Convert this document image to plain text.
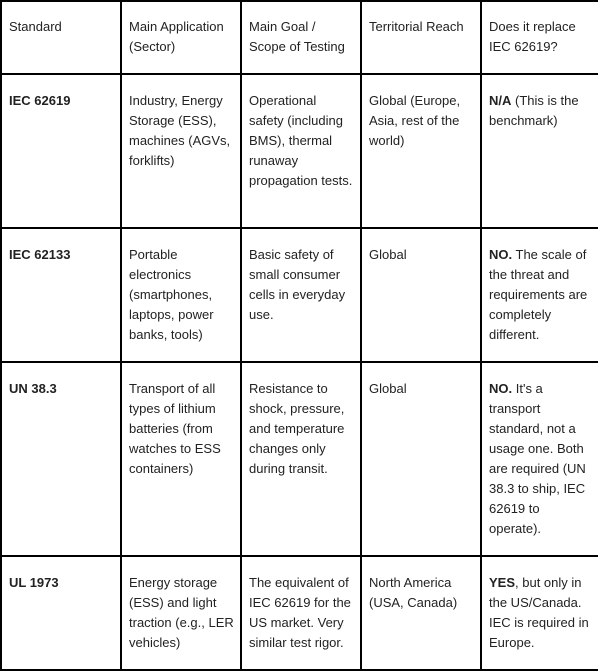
Standard	Main Application (Sector)	Main Goal / Scope of Testing	Territorial Reach	Does it replace IEC 62619?
IEC 62619	Industry, Energy Storage (ESS), machines (AGVs, forklifts)	Operational safety (including BMS), thermal runaway propagation tests.	Global (Europe, Asia, rest of the world)	N/A (This is the benchmark)
IEC 62133	Portable electronics (smartphones, laptops, power banks, tools)	Basic safety of small consumer cells in everyday use.	Global	NO. The scale of the threat and requirements are completely different.
UN 38.3	Transport of all types of lithium batteries (from watches to ESS containers)	Resistance to shock, pressure, and temperature changes only during transit.	Global	NO. It's a transport standard, not a usage one. Both are required (UN 38.3 to ship, IEC 62619 to operate).
UL 1973	Energy storage (ESS) and light traction (e.g., LER vehicles)	The equivalent of IEC 62619 for the US market. Very similar test rigor.	North America (USA, Canada)	YES, but only in the US/Canada. IEC is required in Europe.
